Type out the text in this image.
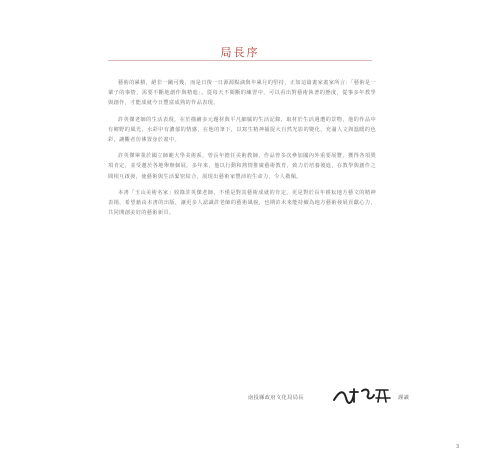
局長序

藝術的累積，絕非一蹴可幾，而是日復一日源源點滴與年累月的堅持，正如這篇畫家畫家所言：「藝術是一輩子的事情，需要不斷地創作與精進」。從每天不間斷的練習中，可以看出對藝術執著的態度，從事多年教學與創作，才能成就今日豐富成熟的作品表現。

許英傑老師的生活表現，在於描繪多元題材與平凡細膩的生活記錄，取材於生活週遭的景物，他的作品中有鄉野的風光，水彩中有濃郁的情感，在他的筆下，以寫生精神捕捉大自然光影的變化，充滿人文與溫暖的色彩，讓觀者彷彿置身於畫中。

許英傑畢業於國立師範大學美術系，曾長年擔任美術教師，作品曾多次參加國內外重要展覽，獲得各項獎項肯定，並受邀於各地舉辦個展。多年來，他以行動和熱情推廣藝術教育，致力於培養後進，在教學與創作之間相互啟發，使藝術與生活緊密結合，展現出藝術家豐沛的生命力，令人敬佩。

本書「玉山美術名家」收錄許英傑老師，不僅是對其藝術成就的肯定，更是對於長年耕耘地方藝文的精神表揚，希望藉由本書的出版，讓更多人認識許老師的藝術風貌，也期許未來能持續為地方藝術發展貢獻心力，共同開創美好的藝術新頁。

南投縣政府文化局局長	謹識
3
